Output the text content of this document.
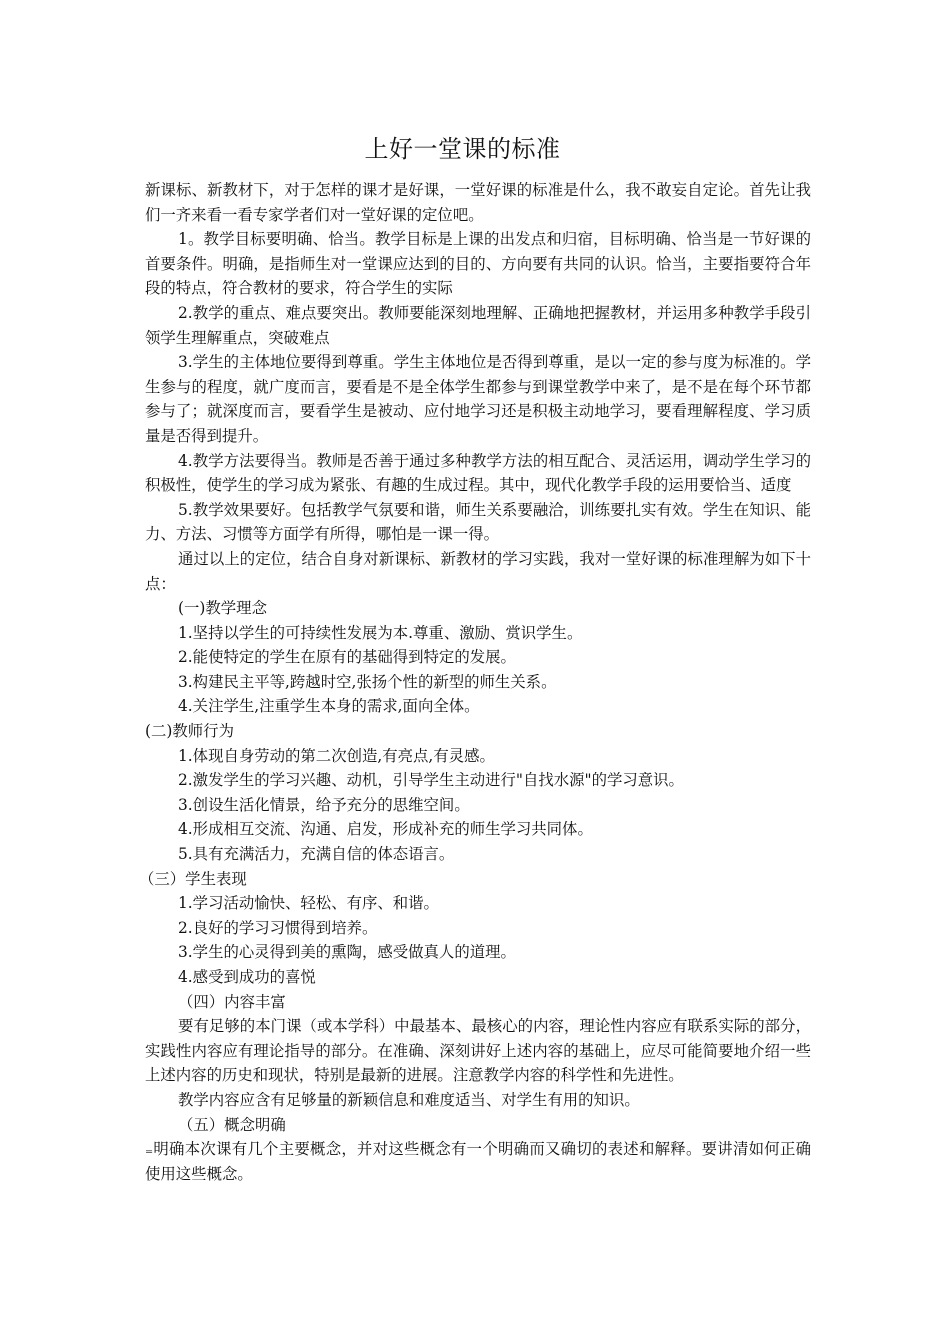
上好一堂课的标准

新课标、新教材下，对于怎样的课才是好课，一堂好课的标准是什么，我不敢妄自定论。首先让我们一齐来看一看专家学者们对一堂好课的定位吧。

1。教学目标要明确、恰当。教学目标是上课的出发点和归宿，目标明确、恰当是一节好课的首要条件。明确，是指师生对一堂课应达到的目的、方向要有共同的认识。恰当，主要指要符合年段的特点，符合教材的要求，符合学生的实际

2.教学的重点、难点要突出。教师要能深刻地理解、正确地把握教材，并运用多种教学手段引领学生理解重点，突破难点

3.学生的主体地位要得到尊重。学生主体地位是否得到尊重，是以一定的参与度为标准的。学生参与的程度，就广度而言，要看是不是全体学生都参与到课堂教学中来了，是不是在每个环节都参与了；就深度而言，要看学生是被动、应付地学习还是积极主动地学习，要看理解程度、学习质量是否得到提升。

4.教学方法要得当。教师是否善于通过多种教学方法的相互配合、灵活运用，调动学生学习的积极性，使学生的学习成为紧张、有趣的生成过程。其中，现代化教学手段的运用要恰当、适度

5.教学效果要好。包括教学气氛要和谐，师生关系要融洽，训练要扎实有效。学生在知识、能力、方法、习惯等方面学有所得，哪怕是一课一得。

通过以上的定位，结合自身对新课标、新教材的学习实践，我对一堂好课的标准理解为如下十点：

(一)教学理念

1.坚持以学生的可持续性发展为本.尊重、激励、赏识学生。

2.能使特定的学生在原有的基础得到特定的发展。

3.构建民主平等,跨越时空,张扬个性的新型的师生关系。

4.关注学生,注重学生本身的需求,面向全体。

(二)教师行为

1.体现自身劳动的第二次创造,有亮点,有灵感。

2.激发学生的学习兴趣、动机，引导学生主动进行"自找水源"的学习意识。

3.创设生活化情景，给予充分的思维空间。

4.形成相互交流、沟通、启发，形成补充的师生学习共同体。

5.具有充满活力，充满自信的体态语言。

（三）学生表现

1.学习活动愉快、轻松、有序、和谐。

2.良好的学习习惯得到培养。

3.学生的心灵得到美的熏陶，感受做真人的道理。

4.感受到成功的喜悦

（四）内容丰富

要有足够的本门课（或本学科）中最基本、最核心的内容，理论性内容应有联系实际的部分，实践性内容应有理论指导的部分。在准确、深刻讲好上述内容的基础上，应尽可能简要地介绍一些上述内容的历史和现状，特别是最新的进展。注意教学内容的科学性和先进性。

教学内容应含有足够量的新颖信息和难度适当、对学生有用的知识。

（五）概念明确

₌明确本次课有几个主要概念，并对这些概念有一个明确而又确切的表述和解释。要讲清如何正确使用这些概念。
